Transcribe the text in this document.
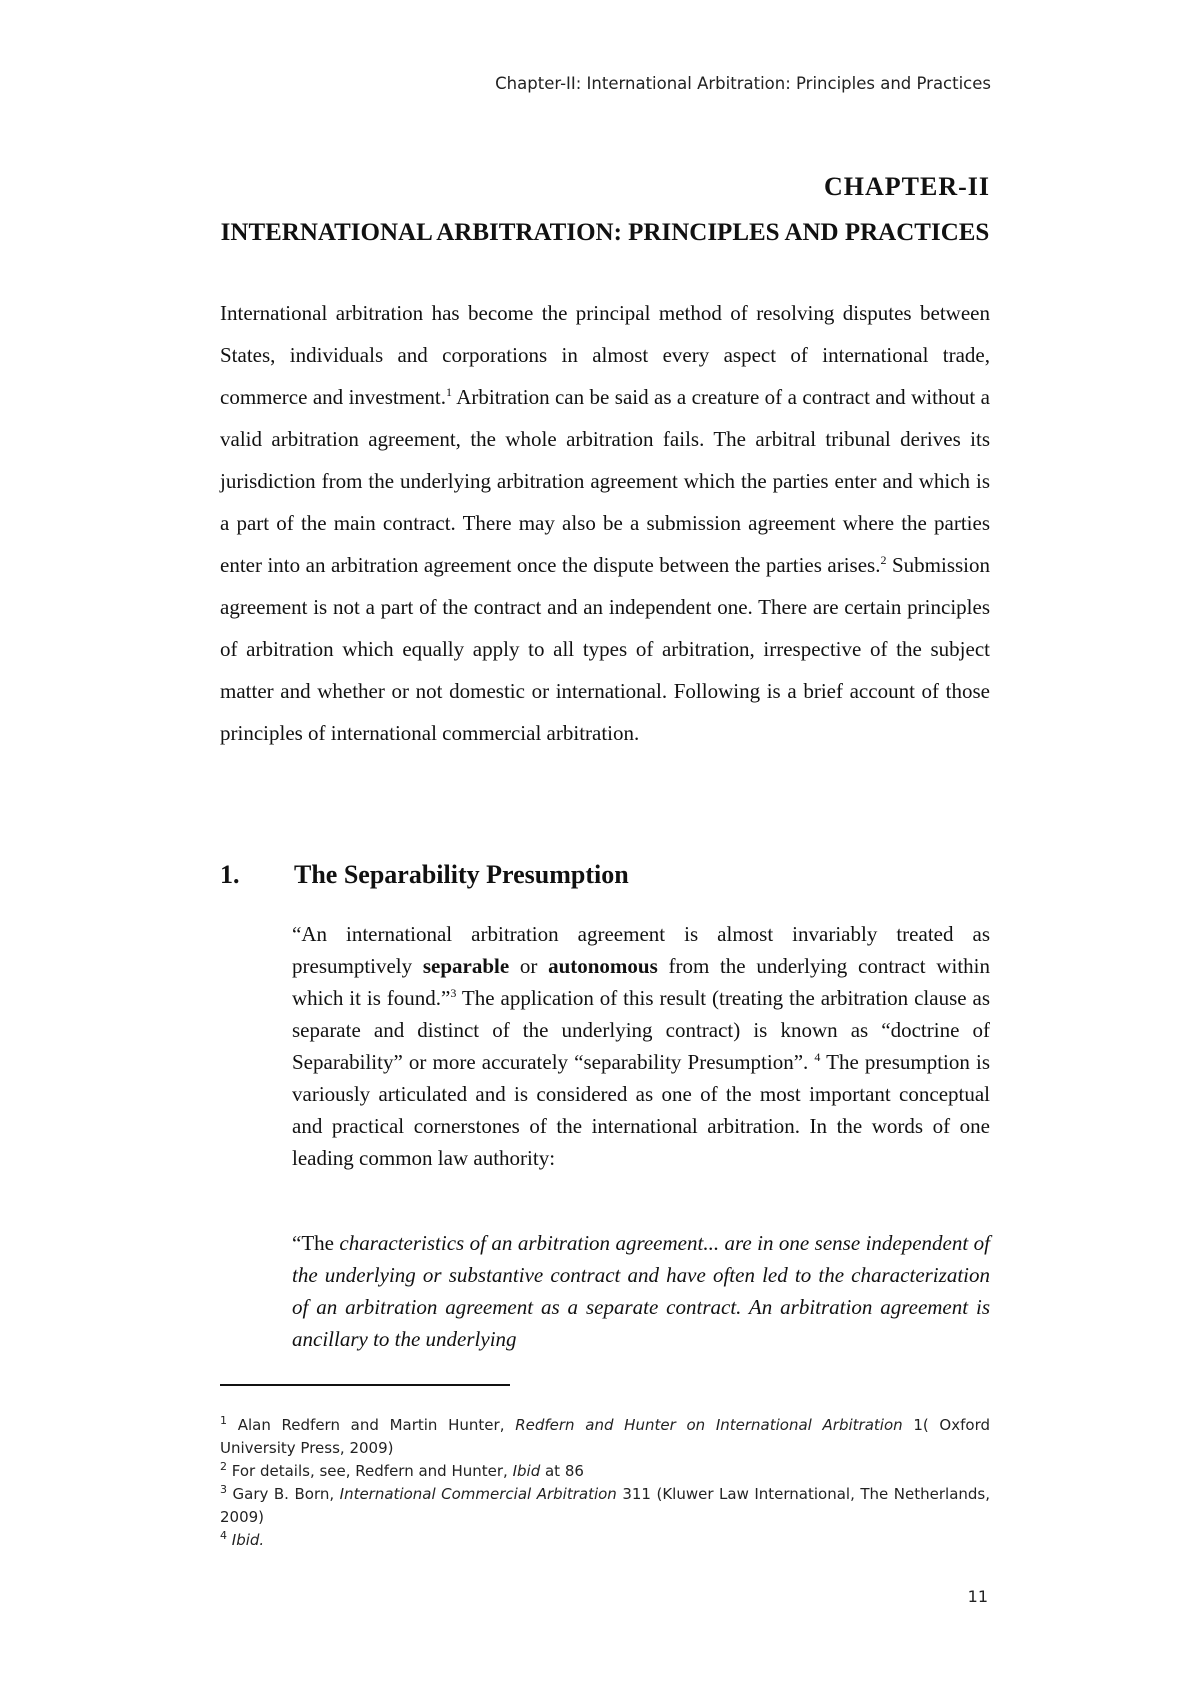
Chapter-II: International Arbitration: Principles and Practices
CHAPTER-II
INTERNATIONAL ARBITRATION: PRINCIPLES AND PRACTICES

International arbitration has become the principal method of resolving disputes between States, individuals and corporations in almost every aspect of international trade, commerce and investment.$^1$ Arbitration can be said as a creature of a contract and without a valid arbitration agreement, the whole arbitration fails. The arbitral tribunal derives its jurisdiction from the underlying arbitration agreement which the parties enter and which is a part of the main contract. There may also be a submission agreement where the parties enter into an arbitration agreement once the dispute between the parties arises.$^2$ Submission agreement is not a part of the contract and an independent one. There are certain principles of arbitration which equally apply to all types of arbitration, irrespective of the subject matter and whether or not domestic or international. Following is a brief account of those principles of international commercial arbitration.

1. The Separability Presumption

“An international arbitration agreement is almost invariably treated as presumptively separable or autonomous from the underlying contract within which it is found.”$^3$ The application of this result (treating the arbitration clause as separate and distinct of the underlying contract) is known as “doctrine of Separability” or more accurately “separability Presumption”. $^4$ The presumption is variously articulated and is considered as one of the most important conceptual and practical cornerstones of the international arbitration. In the words of one leading common law authority:

“The characteristics of an arbitration agreement... are in one sense independent of the underlying or substantive contract and have often led to the characterization of an arbitration agreement as a separate contract. An arbitration agreement is ancillary to the underlying

$^1$ Alan Redfern and Martin Hunter, Redfern and Hunter on International Arbitration 1( Oxford University Press, 2009)

$^2$ For details, see, Redfern and Hunter, Ibid at 86

$^3$ Gary B. Born, International Commercial Arbitration 311 (Kluwer Law International, The Netherlands, 2009)

$^4$ Ibid.

11
